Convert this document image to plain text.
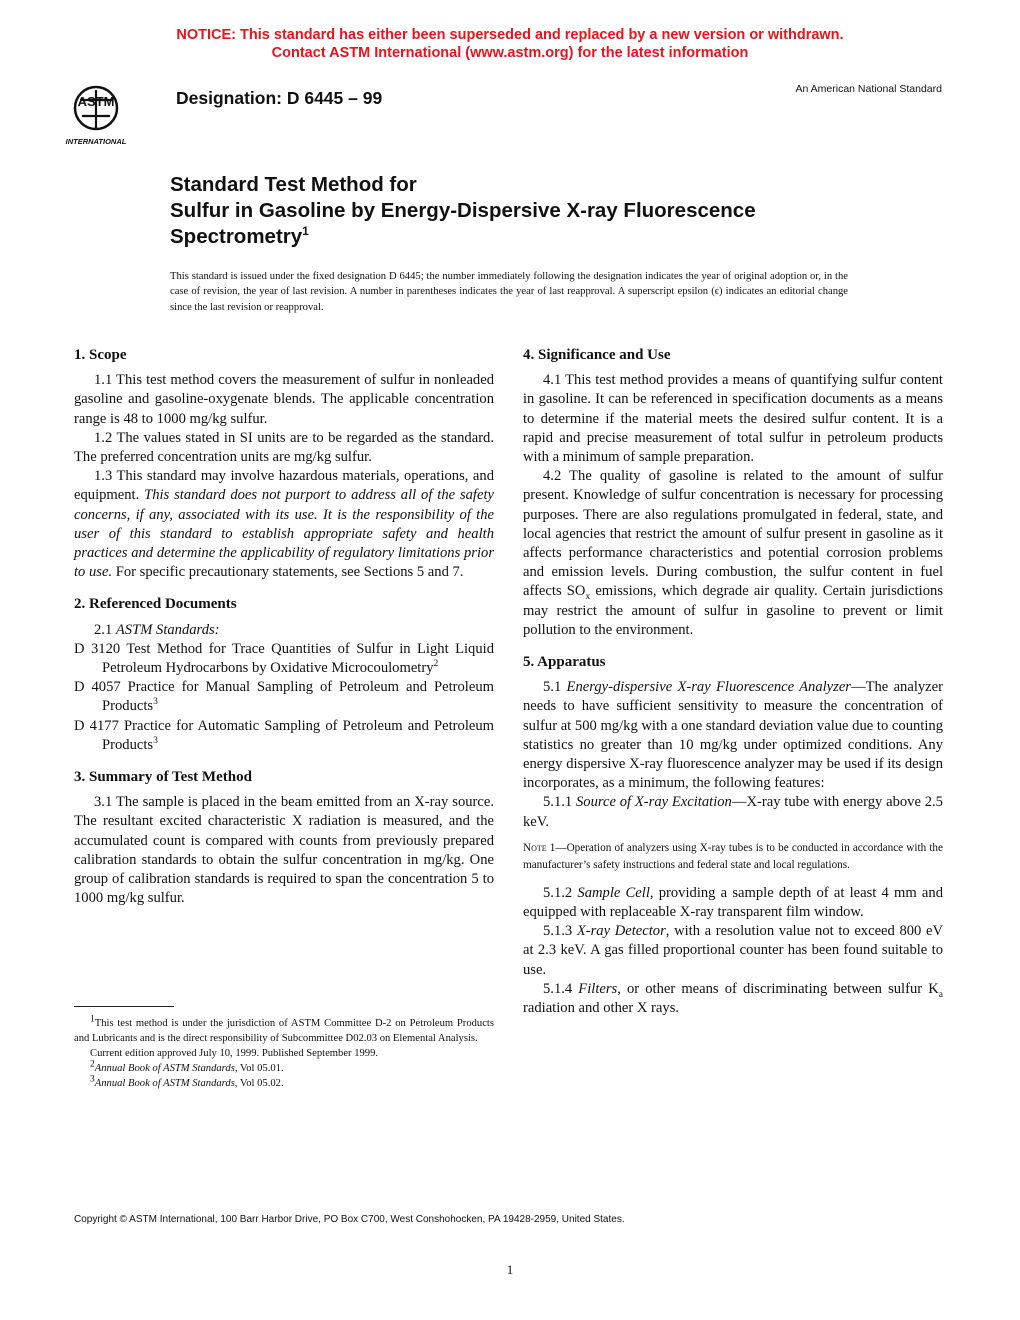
NOTICE: This standard has either been superseded and replaced by a new version or withdrawn.
Contact ASTM International (www.astm.org) for the latest information
ASTM
INTERNATIONAL
Designation: D 6445 – 99	An American National Standard
Standard Test Method for
Sulfur in Gasoline by Energy-Dispersive X-ray Fluorescence
Spectrometry$^1$
This standard is issued under the fixed designation D 6445; the number immediately following the designation indicates the year of original adoption or, in the case of revision, the year of last revision. A number in parentheses indicates the year of last reapproval. A superscript epsilon (ϵ) indicates an editorial change since the last revision or reapproval.
1. Scope

1.1 This test method covers the measurement of sulfur in nonleaded gasoline and gasoline-oxygenate blends. The applicable concentration range is 48 to 1000 mg/kg sulfur.

1.2 The values stated in SI units are to be regarded as the standard. The preferred concentration units are mg/kg sulfur.

1.3 This standard may involve hazardous materials, operations, and equipment. This standard does not purport to address all of the safety concerns, if any, associated with its use. It is the responsibility of the user of this standard to establish appropriate safety and health practices and determine the applicability of regulatory limitations prior to use. For specific precautionary statements, see Sections 5 and 7.

2. Referenced Documents

2.1 ASTM Standards:

D 3120 Test Method for Trace Quantities of Sulfur in Light Liquid Petroleum Hydrocarbons by Oxidative Microcoulometry$^2$

D 4057 Practice for Manual Sampling of Petroleum and Petroleum Products$^3$

D 4177 Practice for Automatic Sampling of Petroleum and Petroleum Products$^3$

3. Summary of Test Method

3.1 The sample is placed in the beam emitted from an X-ray source. The resultant excited characteristic X radiation is measured, and the accumulated count is compared with counts from previously prepared calibration standards to obtain the sulfur concentration in mg/kg. One group of calibration standards is required to span the concentration 5 to 1000 mg/kg sulfur.

$^1$This test method is under the jurisdiction of ASTM Committee D-2 on Petroleum Products and Lubricants and is the direct responsibility of Subcommittee D02.03 on Elemental Analysis.

Current edition approved July 10, 1999. Published September 1999.

$^2$Annual Book of ASTM Standards, Vol 05.01.

$^3$Annual Book of ASTM Standards, Vol 05.02.

4. Significance and Use

4.1 This test method provides a means of quantifying sulfur content in gasoline. It can be referenced in specification documents as a means to determine if the material meets the desired sulfur content. It is a rapid and precise measurement of total sulfur in petroleum products with a minimum of sample preparation.

4.2 The quality of gasoline is related to the amount of sulfur present. Knowledge of sulfur concentration is necessary for processing purposes. There are also regulations promulgated in federal, state, and local agencies that restrict the amount of sulfur present in gasoline as it affects performance characteristics and potential corrosion problems and emission levels. During combustion, the sulfur content in fuel affects $SO_x$ emissions, which degrade air quality. Certain jurisdictions may restrict the amount of sulfur in gasoline to prevent or limit pollution to the environment.

5. Apparatus

5.1 Energy-dispersive X-ray Fluorescence Analyzer—The analyzer needs to have sufficient sensitivity to measure the concentration of sulfur at 500 mg/kg with a one standard deviation value due to counting statistics no greater than 10 mg/kg under optimized conditions. Any energy dispersive X-ray fluorescence analyzer may be used if its design incorporates, as a minimum, the following features:

5.1.1 Source of X-ray Excitation—X-ray tube with energy above 2.5 keV.

Note 1—Operation of analyzers using X-ray tubes is to be conducted in accordance with the manufacturer’s safety instructions and federal state and local regulations.

5.1.2 Sample Cell, providing a sample depth of at least 4 mm and equipped with replaceable X-ray transparent film window.

5.1.3 X-ray Detector, with a resolution value not to exceed 800 eV at 2.3 keV. A gas filled proportional counter has been found suitable to use.

5.1.4 Filters, or other means of discriminating between sulfur $K_a$ radiation and other X rays.

Copyright © ASTM International, 100 Barr Harbor Drive, PO Box C700, West Conshohocken, PA 19428-2959, United States.
1
